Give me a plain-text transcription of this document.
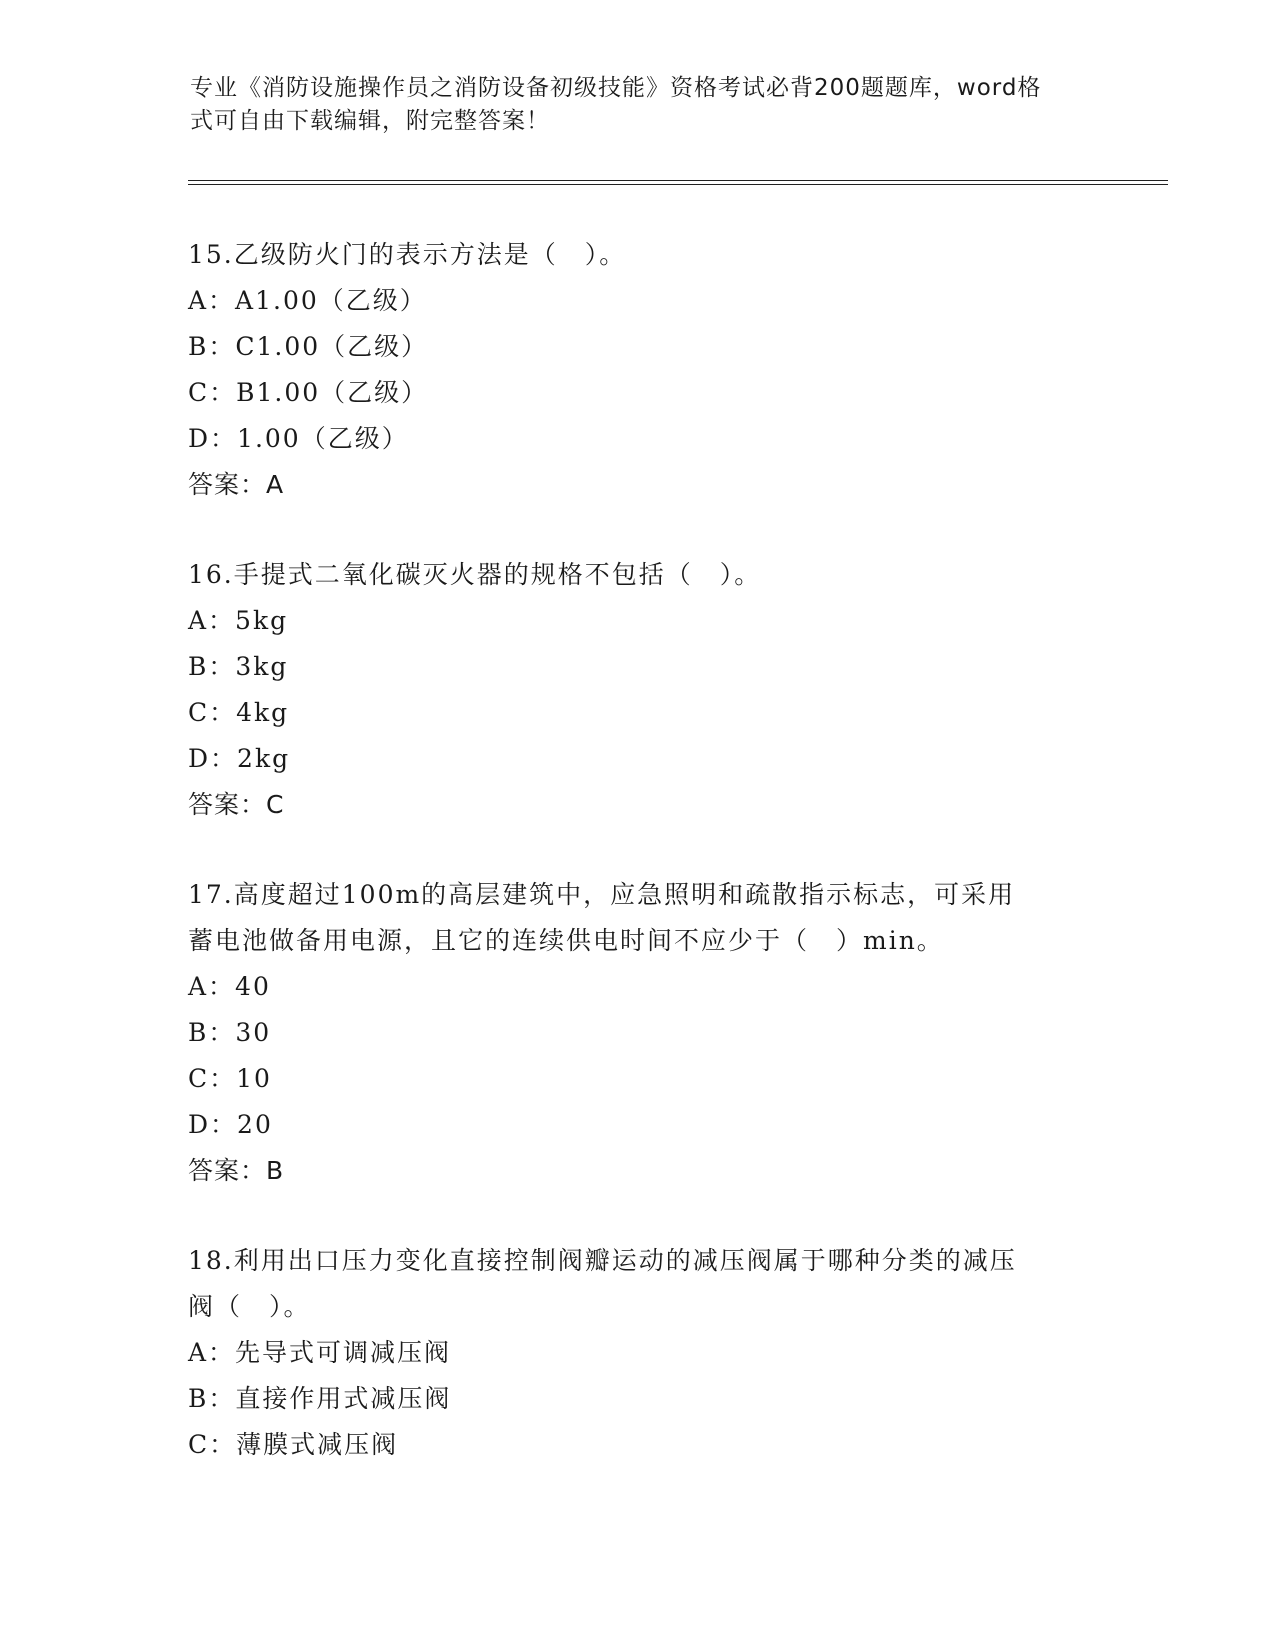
专业《消防设施操作员之消防设备初级技能》资格考试必背200题题库，word格
式可自由下载编辑，附完整答案！
15.乙级防火门的表示方法是（　）。
A：A1.00（乙级）
B：C1.00（乙级）
C：B1.00（乙级）
D：1.00（乙级）
答案：A
16.手提式二氧化碳灭火器的规格不包括（　）。
A：5kg
B：3kg
C：4kg
D：2kg
答案：C
17.高度超过100m的高层建筑中，应急照明和疏散指示标志，可采用
蓄电池做备用电源，且它的连续供电时间不应少于（　）min。
A：40
B：30
C：10
D：20
答案：B
18.利用出口压力变化直接控制阀瓣运动的减压阀属于哪种分类的减压
阀（　）。
A：先导式可调减压阀
B：直接作用式减压阀
C：薄膜式减压阀
